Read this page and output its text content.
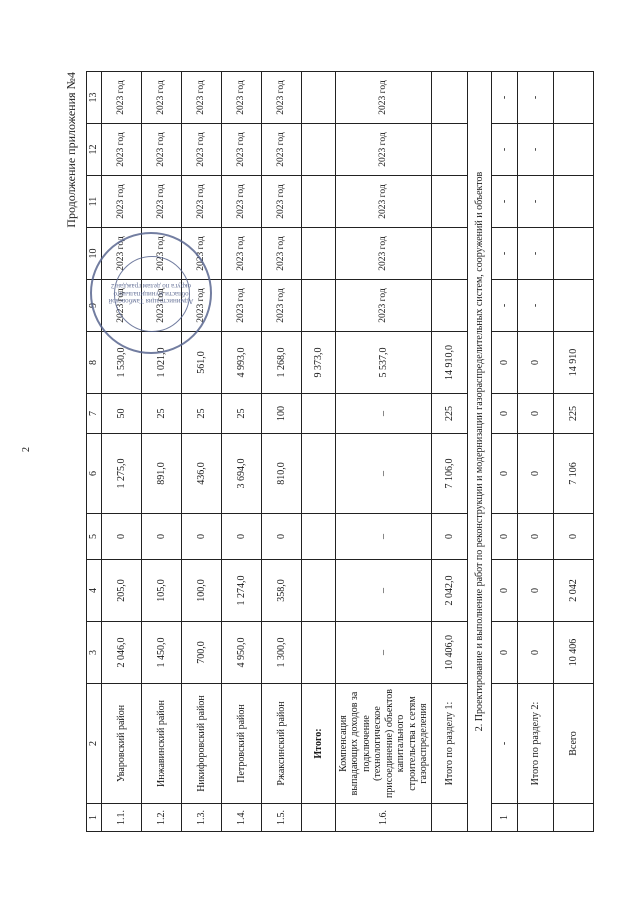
2
Продолжение приложения №4
1	2	3	4	5	6	7	8	9	10	11	12	13
1.1.	Уваровский район	2 046,0	205,0	0	1 275,0	50	1 530,0	2023 год	2023 год	2023 год	2023 год	2023 год
1.2.	Инжавинский район	1 450,0	105,0	0	891,0	25	1 021,0	2023 год	2023 год	2023 год	2023 год	2023 год
1.3.	Никифоровский район	700,0	100,0	0	436,0	25	561,0	2023 год	2023 год	2023 год	2023 год	2023 год
1.4.	Петровский район	4 950,0	1 274,0	0	3 694,0	25	4 993,0	2023 год	2023 год	2023 год	2023 год	2023 год
1.5.	Ржаксинский район	1 300,0	358,0	0	810,0	100	1 268,0	2023 год	2023 год	2023 год	2023 год	2023 год
	Итого:						9 373,0					
1.6.	Компенсация выпадающих доходов за подключение (технологическое присоединение) объектов капитального строительства к сетям газораспределения	–	–	–	–	–	5 537,0	2023 год	2023 год	2023 год	2023 год	2023 год
	Итого по разделу 1:	10 406,0	2 042,0	0	7 106,0	225	14 910,0					
2. Проектирование и выполнение работ по реконструкции и модернизации газораспределительных систем, сооружений и объектов												
1	-	0	0	0	0	0	0	-	-	-	-	-
	Итого по разделу 2:	0	0	0	0	0	0	-	-	-	-	-
	Всего	10 406	2 042	0	7 106	225	14 910					
Администрация Тамбовской области муниципального округа по делам граждан 2
